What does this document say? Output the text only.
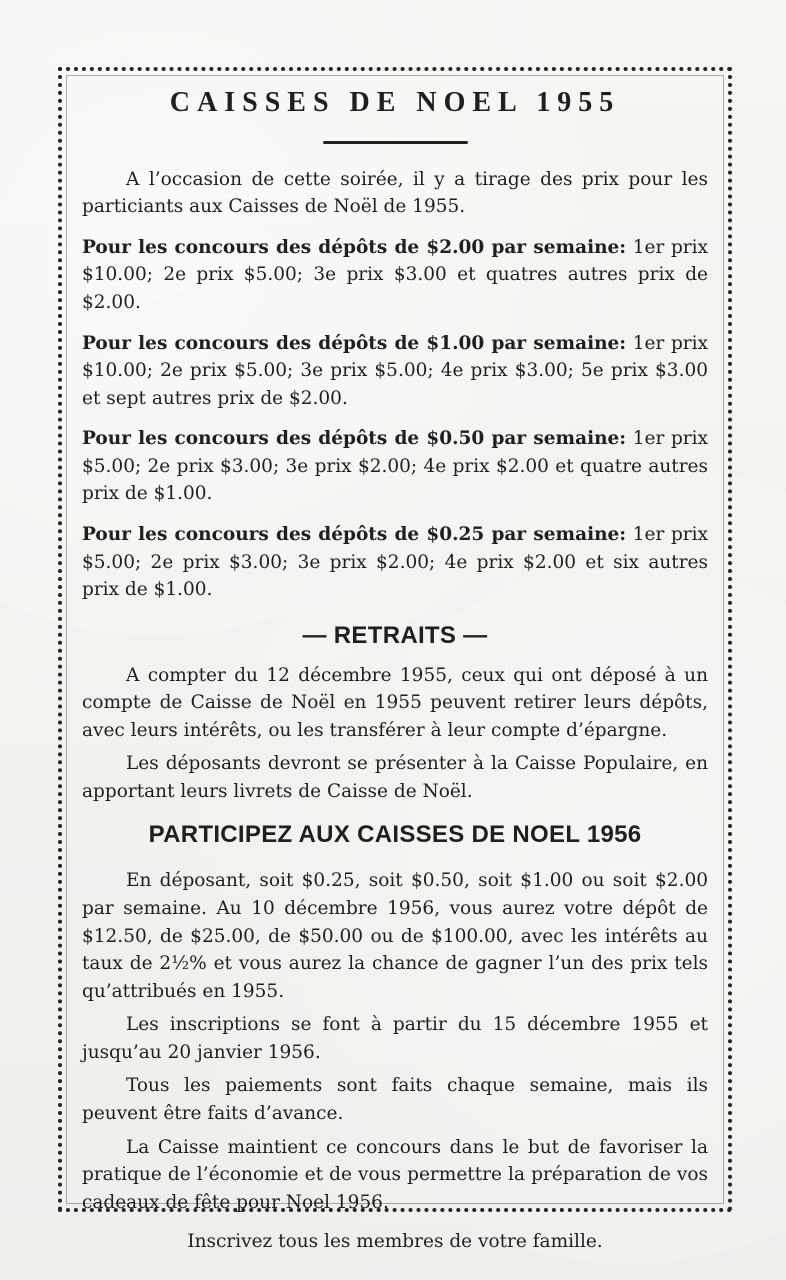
CAISSES DE NOEL 1955

A l’occasion de cette soirée, il y a tirage des prix pour les particiants aux Caisses de Noël de 1955.

Pour les concours des dépôts de $2.00 par semaine: 1er prix $10.00; 2e prix $5.00; 3e prix $3.00 et quatres autres prix de $2.00.

Pour les concours des dépôts de $1.00 par semaine: 1er prix $10.00; 2e prix $5.00; 3e prix $5.00; 4e prix $3.00; 5e prix $3.00 et sept autres prix de $2.00.

Pour les concours des dépôts de $0.50 par semaine: 1er prix $5.00; 2e prix $3.00; 3e prix $2.00; 4e prix $2.00 et quatre autres prix de $1.00.

Pour les concours des dépôts de $0.25 par semaine: 1er prix $5.00; 2e prix $3.00; 3e prix $2.00; 4e prix $2.00 et six autres prix de $1.00.

— RETRAITS —

A compter du 12 décembre 1955, ceux qui ont déposé à un compte de Caisse de Noël en 1955 peuvent retirer leurs dépôts, avec leurs intérêts, ou les transférer à leur compte d’épargne.

Les déposants devront se présenter à la Caisse Populaire, en apportant leurs livrets de Caisse de Noël.

PARTICIPEZ AUX CAISSES DE NOEL 1956

En déposant, soit $0.25, soit $0.50, soit $1.00 ou soit $2.00 par semaine. Au 10 décembre 1956, vous aurez votre dépôt de $12.50, de $25.00, de $50.00 ou de $100.00, avec les intérêts au taux de 2½% et vous aurez la chance de gagner l’un des prix tels qu’attribués en 1955.

Les inscriptions se font à partir du 15 décembre 1955 et jusqu’au 20 janvier 1956.

Tous les paiements sont faits chaque semaine, mais ils peuvent être faits d’avance.

La Caisse maintient ce concours dans le but de favoriser la pratique de l’économie et de vous permettre la préparation de vos cadeaux de fête pour Noel 1956.

Inscrivez tous les membres de votre famille.
